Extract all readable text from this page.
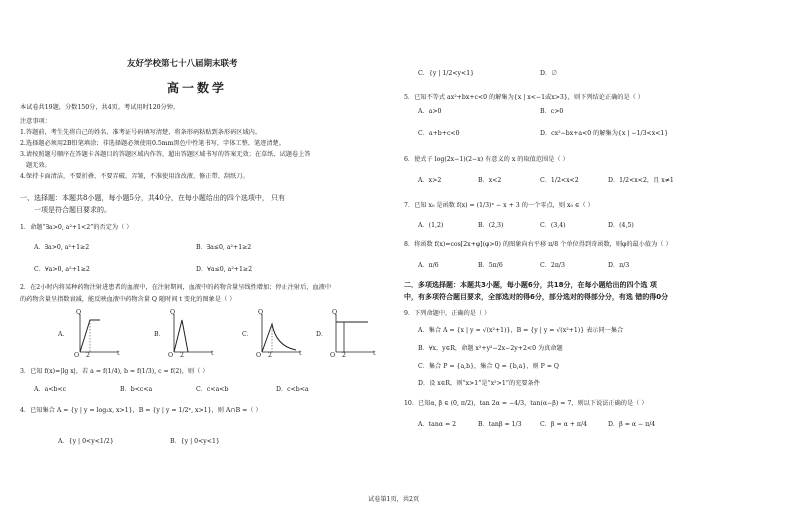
友好学校第七十八届期末联考
高一数学
本试卷共19题，分数150分，共4页。考试用时120分钟。
注意事项：
1.答题前，考生先将自己的姓名、准考证号码填写清楚，将条形码粘贴到条形码区域内。
2.选择题必须用2B铅笔填涂；非选择题必须使用0.5mm黑色中性笔书写，字体工整、笔迹清楚。
3.请按照题号顺序在答题卡各题目的答题区域内作答，超出答题区域书写的答案无效；在草纸、试题卷上答
题无效。
4.保持卡面清洁，不要折叠、不要弄破、弄皱，不准使用涂改液、修正带、刮纸刀。
一、选择题：本题共8小题，每小题5分，共40分，在每小题给出的四个选项中， 只有
一项是符合题目要求的。
1．命题“∃a>0, a²+1<2”的否定为（ ）
A．∃a>0, a²+1≥2	B．∃a≤0, a²+1≥2
C．∀a>0, a²+1≥2	D．∀a≤0, a²+1≥2
2．在2小时内将某种药物注射进患者的血液中，在注射期间，血液中的药物含量呈线性增加；停止注射后，血液中
的药物含量呈指数衰减，能反映血液中药物含量 Q 随时间 t 变化的图象是（ ）
A．	B．	C．	D．
Q	Q	Q	Q
t	t	t	t
O 2	O 2	O 2	O 2
3．已知 f(x)=|lg x|，若 a = f(1/4), b = f(1/3), c = f(2)，则（ ）
A．a<b<c	B．b<c<a	C．c<a<b	D．c<b<a
4．已知集合 A = {y | y = log₂x, x>1}，B = {y | y = 1/2ˣ, x>1}，则 A∩B =（ ）
A．{y | 0<y<1/2}	B．{y | 0<y<1}
C．{y | 1/2<y<1}	D．∅
5．已知不等式 ax²+bx+c<0 的解集为{x | x<−1或x>3}，则下列结论正确的是（ ）
A．a>0	B．c>0
C．a+b+c<0	D．cx²−bx+a<0 的解集为{x | −1/3<x<1}
6．使式子 log(2x−1)(2−x) 有意义的 x 的取值范围是（ ）
A．x>2	B．x<2	C．1/2<x<2	D．1/2<x<2，且 x≠1
7．已知 x₀ 是函数 f(x) = (1/3)ˣ − x + 3 的一个零点，则 x₀ ∈（ ）
A．(1,2)	B．(2,3)	C．(3,4)	D．(4,5)
8．将函数 f(x)=cos[2x+φ](φ>0) 的图象向右平移 π/8 个单位得到奇函数，则φ的最小值为（ ）
A．π/6	B．5π/6	C．2π/3	D．π/3
二．多项选择题：本题共3小题，每小题6分，共18分，在每小题给出的四个选 项
中，有多项符合题目要求，全部选对的得6分，部分选对的得部分分，有选 错的得0分
9．下列命题中，正确的是（ ）
A．集合 A = {x | y = √(x²+1)}，B = {y | y = √(x²+1)} 表示同一集合
B．∀x，y∈R，命题 x²+y²−2x−2y+2<0 为真命题
C．集合 P = {a,b}，集合 Q = {b,a}，则 P = Q
D．设 x∈R，则“x>1”是“x²>1”的充要条件
10．已知α, β ∈ (0, π/2)，tan 2α = −4/3，tan(α−β) = 7，则以下说法正确的是（ ）
A．tanα = 2	B．tanβ = 1/3	C．β = α + π/4	D．β = α − π/4
试卷第1页，共2页
